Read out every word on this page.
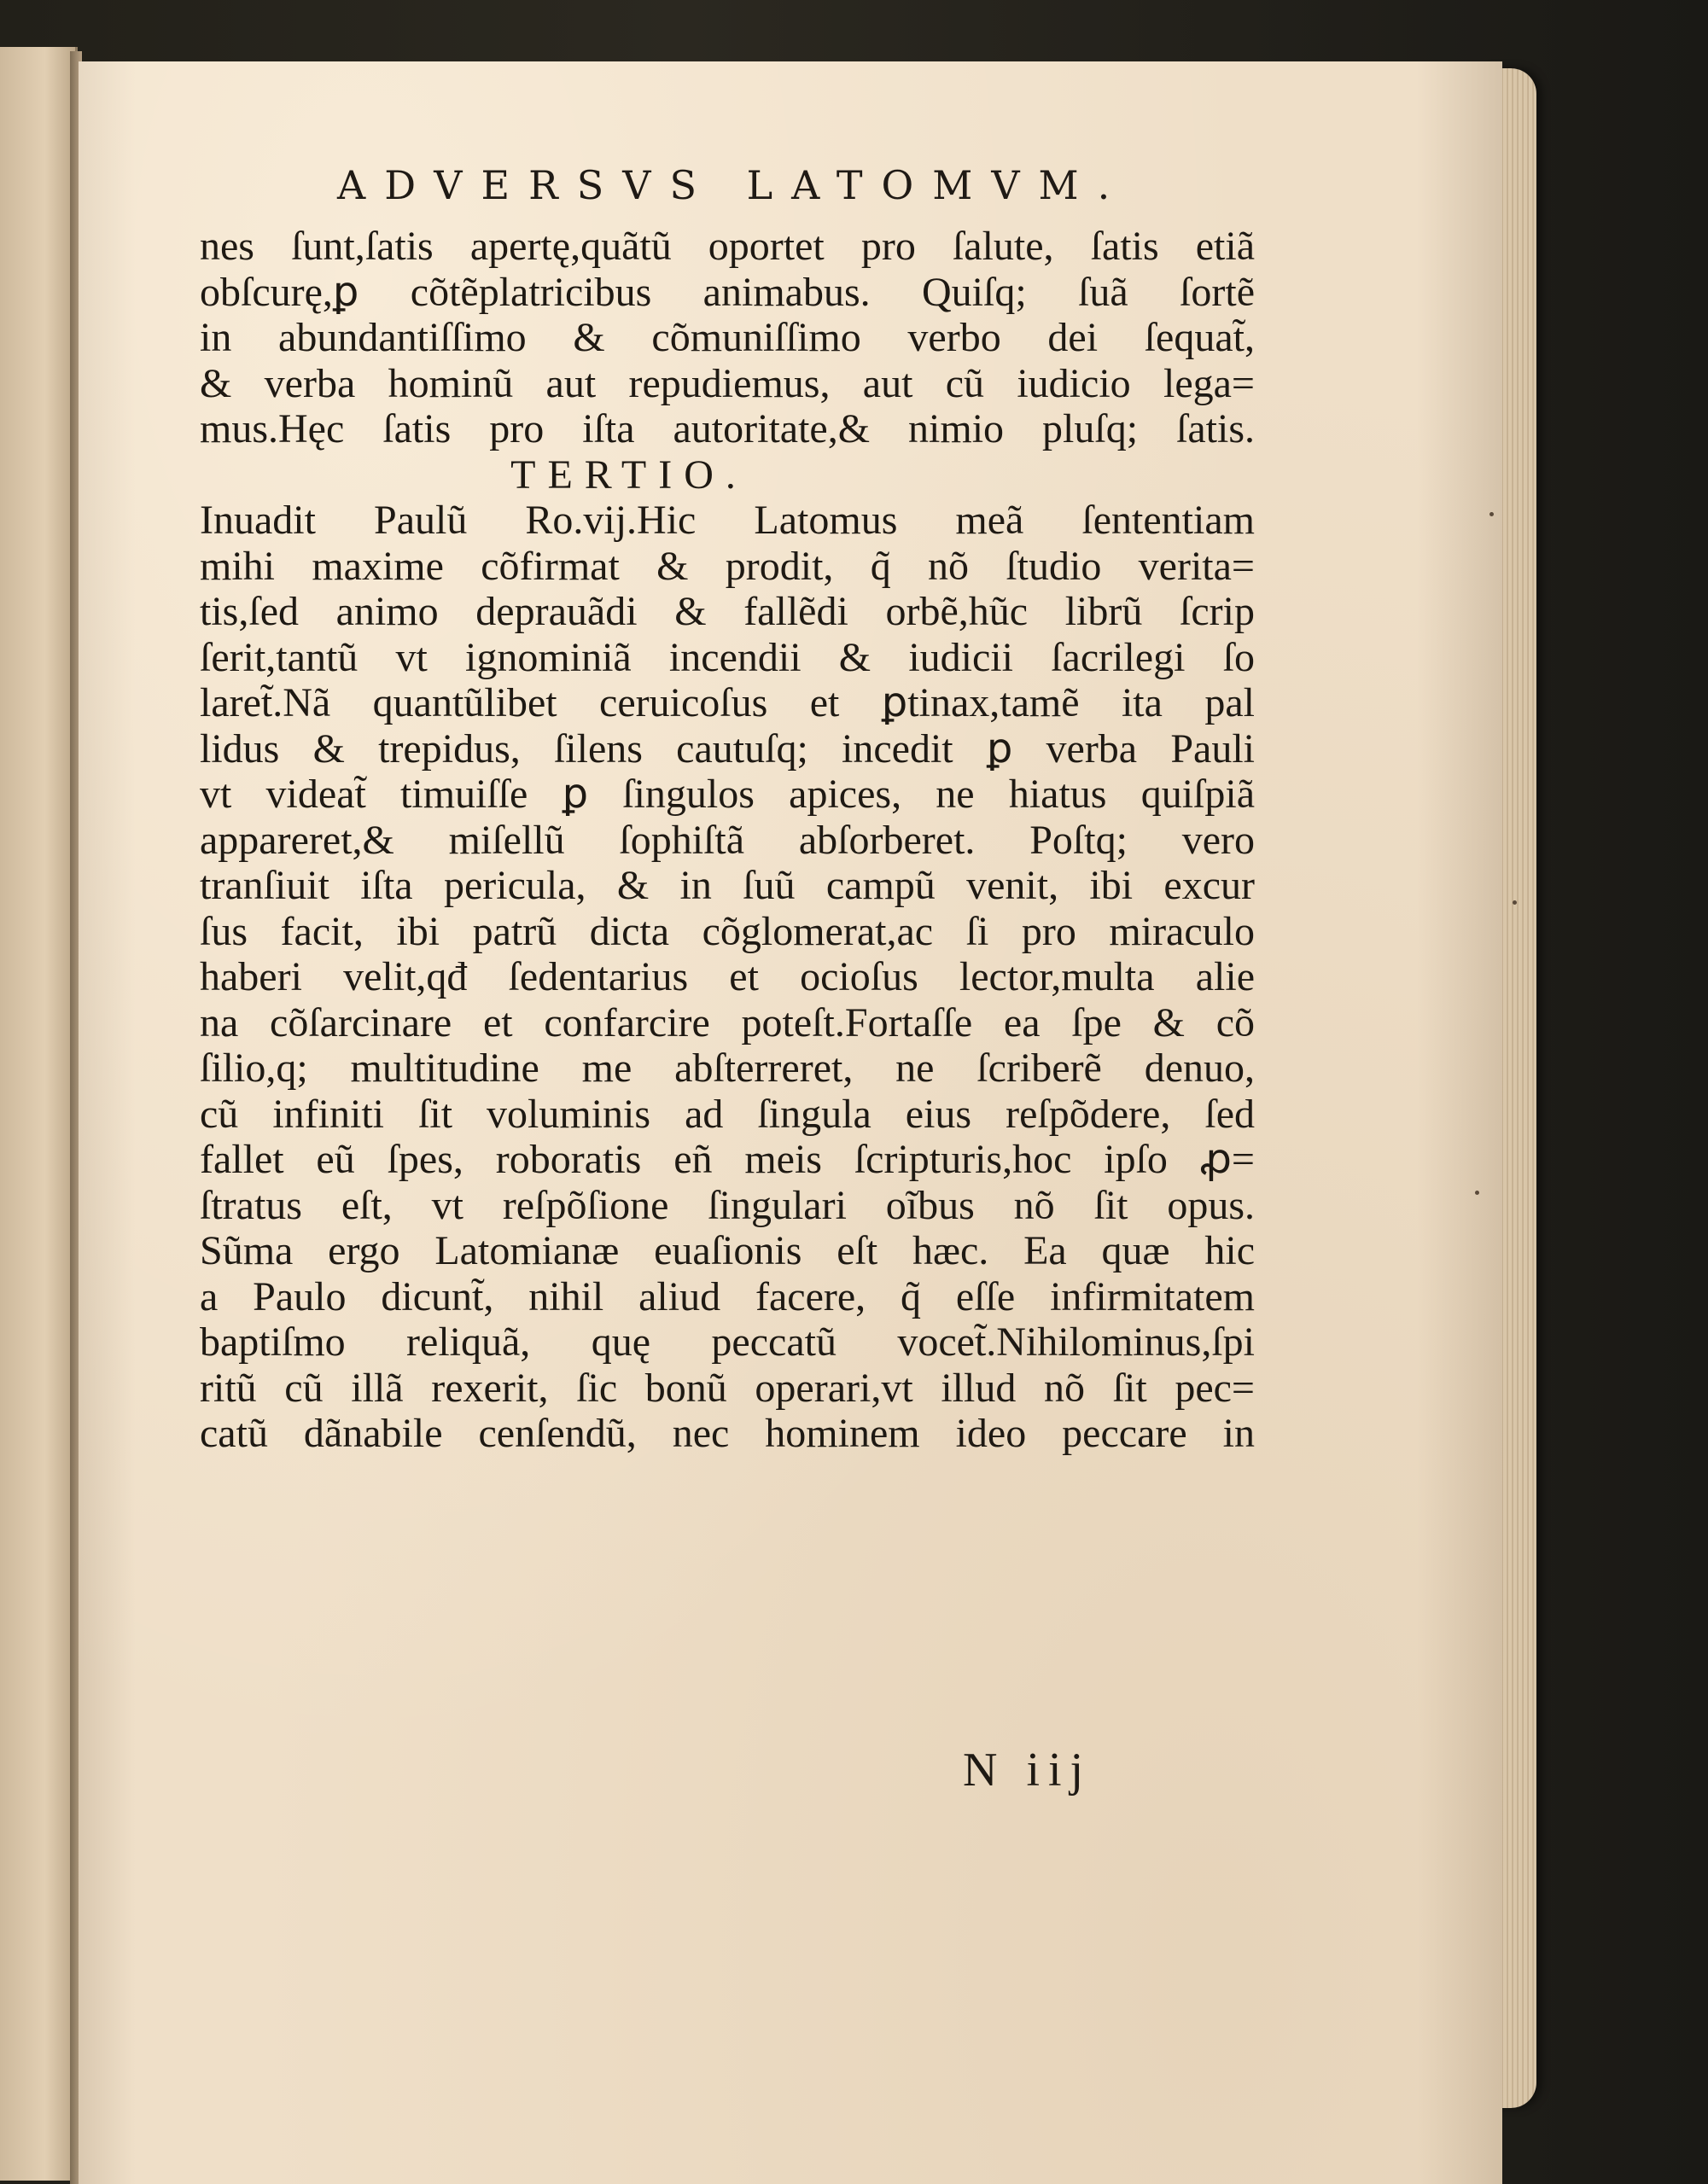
ADVERSVS LATOMVM.
nes ſunt,ſatis apertę,quãtũ oportet pro ſalute, ſatis etiã
obſcurę,ꝑ cõtẽplatricibus animabus. Quiſq; ſuã ſortẽ
in abundantiſſimo & cõmuniſſimo verbo dei ſequat̃,
& verba hominũ aut repudiemus, aut cũ iudicio lega=
mus.Hęc ſatis pro iſta autoritate,& nimio pluſq; ſatis.
TERTIO.
Inuadit Paulũ Ro.vij.Hic Latomus meã ſententiam
mihi maxime cõfirmat & prodit, q̃ nõ ſtudio verita=
tis,ſed animo deprauãdi & fallẽdi orbẽ,hũc librũ ſcrip
ſerit,tantũ vt ignominiã incendii & iudicii ſacrilegi ſo
laret̃.Nã quantũlibet ceruicoſus et ꝑtinax,tamẽ ita pal
lidus & trepidus, ſilens cautuſq; incedit ꝑ verba Pauli
vt videat̃ timuiſſe ꝑ ſingulos apices, ne hiatus quiſpiã
appareret,& miſellũ ſophiſtã abſorberet. Poſtq; vero
tranſiuit iſta pericula, & in ſuũ campũ venit, ibi excur
ſus facit, ibi patrũ dicta cõglomerat,ac ſi pro miraculo
haberi velit,qđ ſedentarius et ocioſus lector,multa alie
na cõſarcinare et confarcire poteſt.Fortaſſe ea ſpe & cõ
ſilio,q; multitudine me abſterreret, ne ſcriberẽ denuo,
cũ infiniti ſit voluminis ad ſingula eius reſpõdere, ſed
fallet eũ ſpes, roboratis eñ meis ſcripturis,hoc ipſo ꝓ=
ſtratus eſt, vt reſpõſione ſingulari oĩbus nõ ſit opus.
Sũma ergo Latomianæ euaſionis eſt hæc. Ea quæ hic
a Paulo dicunt̃, nihil aliud facere, q̃ eſſe infirmitatem
baptiſmo reliquã, quę peccatũ vocet̃.Nihilominus,ſpi
ritũ cũ illã rexerit, ſic bonũ operari,vt illud nõ ſit pec=
catũ dãnabile cenſendũ, nec hominem ideo peccare in
N iij
